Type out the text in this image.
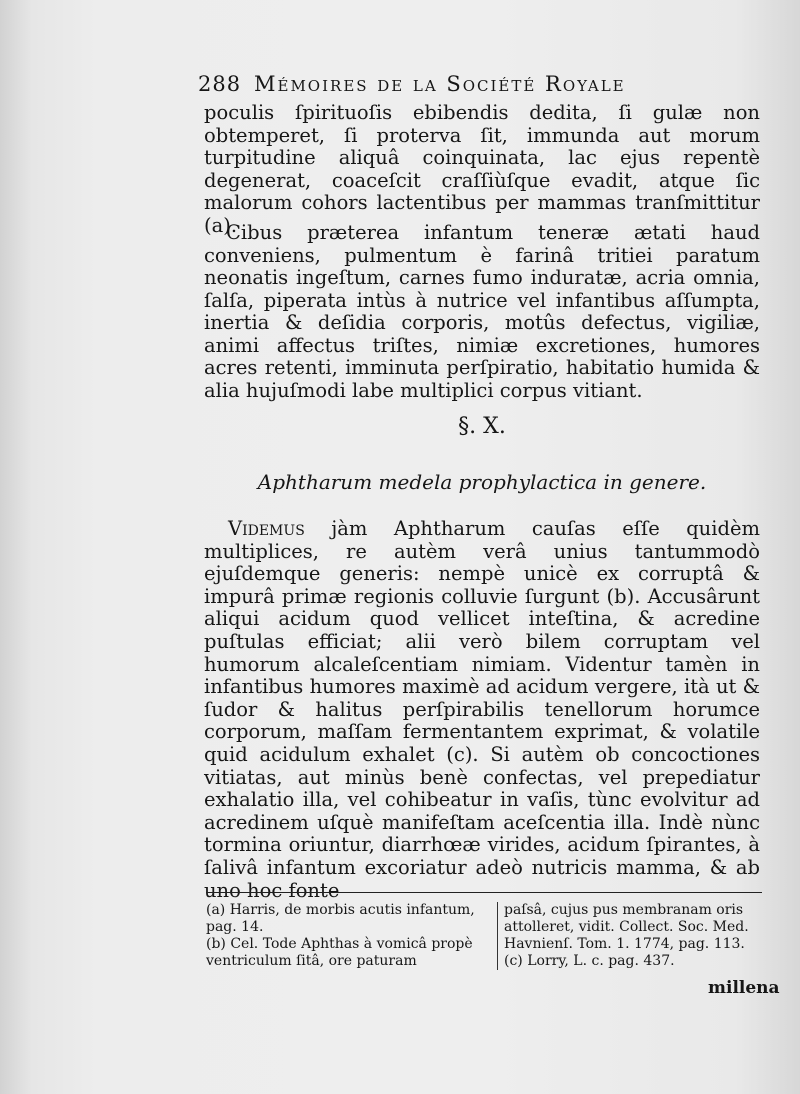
288 Mémoires de la Société Royale

poculis ſpirituoſis ebibendis dedita, ſi gulæ non obtemperet, ſi proterva ſit, immunda aut morum turpitudine aliquâ coinquinata, lac ejus repentè degenerat, coaceſcit craſſiùſque evadit, atque ſic malorum cohors lactentibus per mammas tranſmittitur (a).

Cibus præterea infantum teneræ ætati haud conveniens, pulmentum è farinâ tritiei paratum neonatis ingeſtum, carnes fumo induratæ, acria omnia, ſalſa, piperata intùs à nutrice vel infantibus aſſumpta, inertia & deſidia corporis, motûs defectus, vigiliæ, animi affectus triſtes, nimiæ excretiones, humores acres retenti, imminuta perſpiratio, habitatio humida & alia hujuſmodi labe multiplici corpus vitiant.

§. X.
Aphtharum medela prophylactica in genere.

Videmus jàm Aphtharum cauſas eſſe quidèm multiplices, re autèm verâ unius tantummodò ejuſdemque generis: nempè unicè ex corruptâ & impurâ primæ regionis colluvie ſurgunt (b). Accusârunt aliqui acidum quod vellicet inteſtina, & acredine puſtulas efficiat; alii verò bilem corruptam vel humorum alcaleſcentiam nimiam. Videntur tamèn in infantibus humores maximè ad acidum vergere, ità ut & ſudor & halitus perſpirabilis tenellorum horumce corporum, maſſam fermentantem exprimat, & volatile quid acidulum exhalet (c). Si autèm ob concoctiones vitiatas, aut minùs benè confectas, vel prepediatur exhalatio illa, vel cohibeatur in vaſis, tùnc evolvitur ad acredinem uſquè manifeſtam aceſcentia illa. Indè nùnc tormina oriuntur, diarrhœæ virides, acidum ſpirantes, à ſalivâ infantum excoriatur adeò nutricis mamma, & ab uno hoc fonte

(a) Harris, de morbis acutis infantum, pag. 14.
(b) Cel. Tode Aphthas à vomicâ propè ventriculum ſitâ, ore paturam
paſsâ, cujus pus membranam oris attolleret, vidit. Collect. Soc. Med. Havnienſ. Tom. 1. 1774, pag. 113.
(c) Lorry, L. c. pag. 437.
millena
